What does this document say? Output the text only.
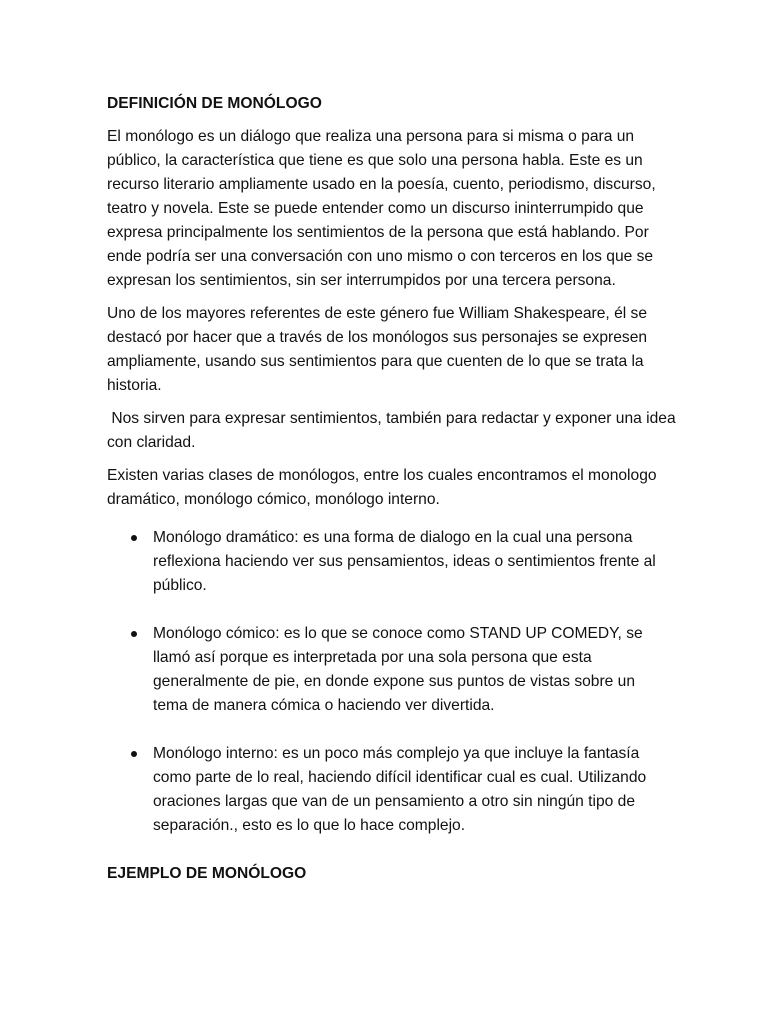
DEFINICIÓN DE MONÓLOGO

El monólogo es un diálogo que realiza una persona para si misma o para un público, la característica que tiene es que solo una persona habla. Este es un recurso literario ampliamente usado en la poesía, cuento, periodismo, discurso, teatro y novela. Este se puede entender como un discurso ininterrumpido que expresa principalmente los sentimientos de la persona que está hablando. Por ende podría ser una conversación con uno mismo o con terceros en los que se expresan los sentimientos, sin ser interrumpidos por una tercera persona.

Uno de los mayores referentes de este género fue William Shakespeare, él se destacó por hacer que a través de los monólogos sus personajes se expresen ampliamente, usando sus sentimientos para que cuenten de lo que se trata la historia.

Nos sirven para expresar sentimientos, también para redactar y exponer una idea con claridad.

Existen varias clases de monólogos, entre los cuales encontramos el monologo dramático, monólogo cómico, monólogo interno.

Monólogo dramático: es una forma de dialogo en la cual una persona reflexiona haciendo ver sus pensamientos, ideas o sentimientos frente al público.
Monólogo cómico: es lo que se conoce como STAND UP COMEDY, se llamó así porque es interpretada por una sola persona que esta generalmente de pie, en donde expone sus puntos de vistas sobre un tema de manera cómica o haciendo ver divertida.
Monólogo interno: es un poco más complejo ya que incluye la fantasía como parte de lo real, haciendo difícil identificar cual es cual. Utilizando oraciones largas que van de un pensamiento a otro sin ningún tipo de separación., esto es lo que lo hace complejo.
EJEMPLO DE MONÓLOGO
